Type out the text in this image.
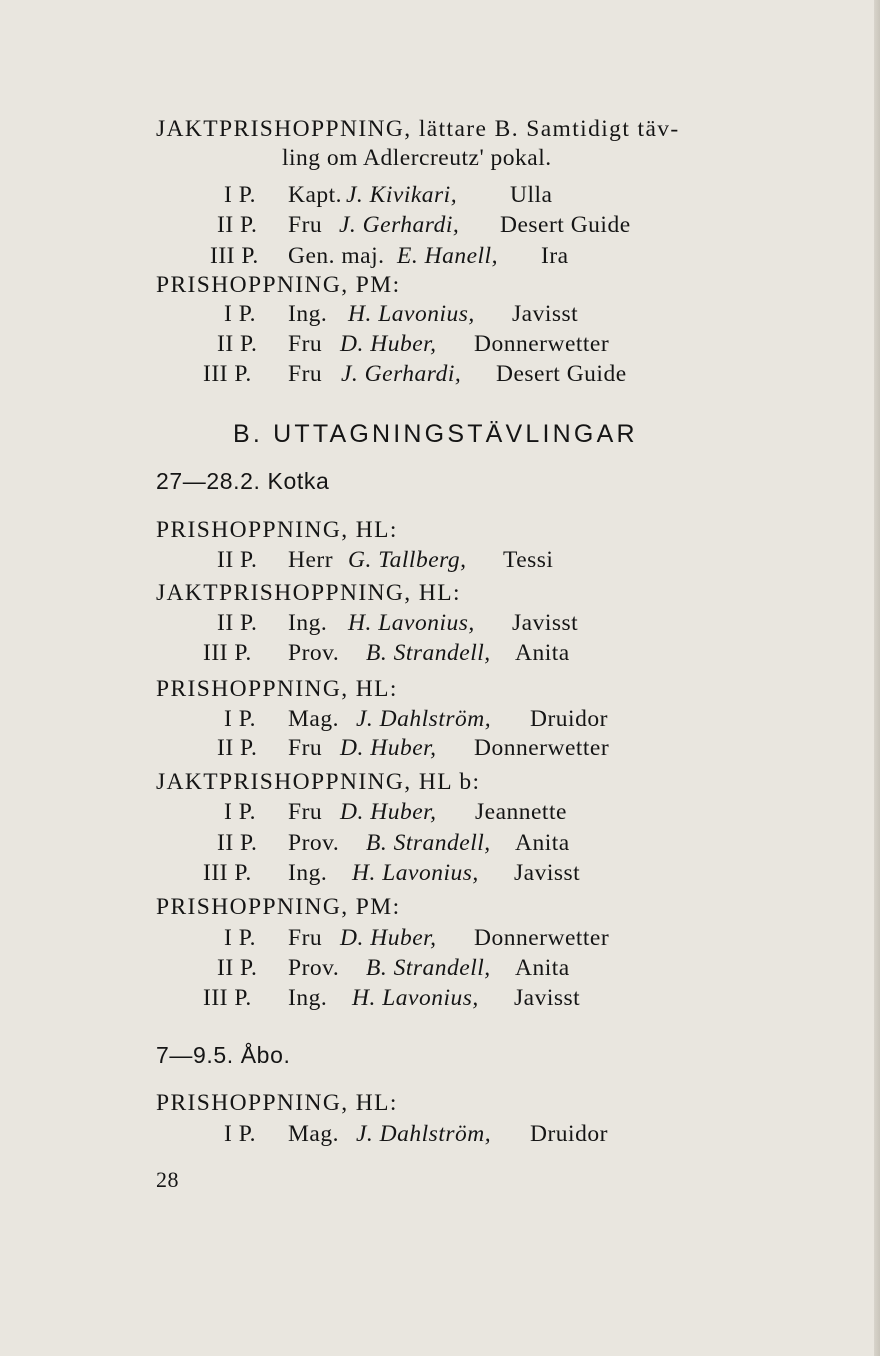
JAKTPRISHOPPNING, lättare B. Samtidigt täv-
ling om Adlercreutz' pokal.
I P. Kapt. J. Kivikari, Ulla
II P. Fru J. Gerhardi, Desert Guide
III P. Gen. maj. E. Hanell, Ira
PRISHOPPNING, PM:
I P. Ing. H. Lavonius, Javisst
II P. Fru D. Huber, Donnerwetter
III P. Fru J. Gerhardi, Desert Guide
B. UTTAGNINGSTÄVLINGAR
27—28.2. Kotka
PRISHOPPNING, HL:
II P. Herr G. Tallberg, Tessi
JAKTPRISHOPPNING, HL:
II P. Ing. H. Lavonius, Javisst
III P. Prov. B. Strandell, Anita
PRISHOPPNING, HL:
I P. Mag. J. Dahlström, Druidor
II P. Fru D. Huber, Donnerwetter
JAKTPRISHOPPNING, HL b:
I P. Fru D. Huber, Jeannette
II P. Prov. B. Strandell, Anita
III P. Ing. H. Lavonius, Javisst
PRISHOPPNING, PM:
I P. Fru D. Huber, Donnerwetter
II P. Prov. B. Strandell, Anita
III P. Ing. H. Lavonius, Javisst
7—9.5. Åbo.
PRISHOPPNING, HL:
I P. Mag. J. Dahlström, Druidor
28
